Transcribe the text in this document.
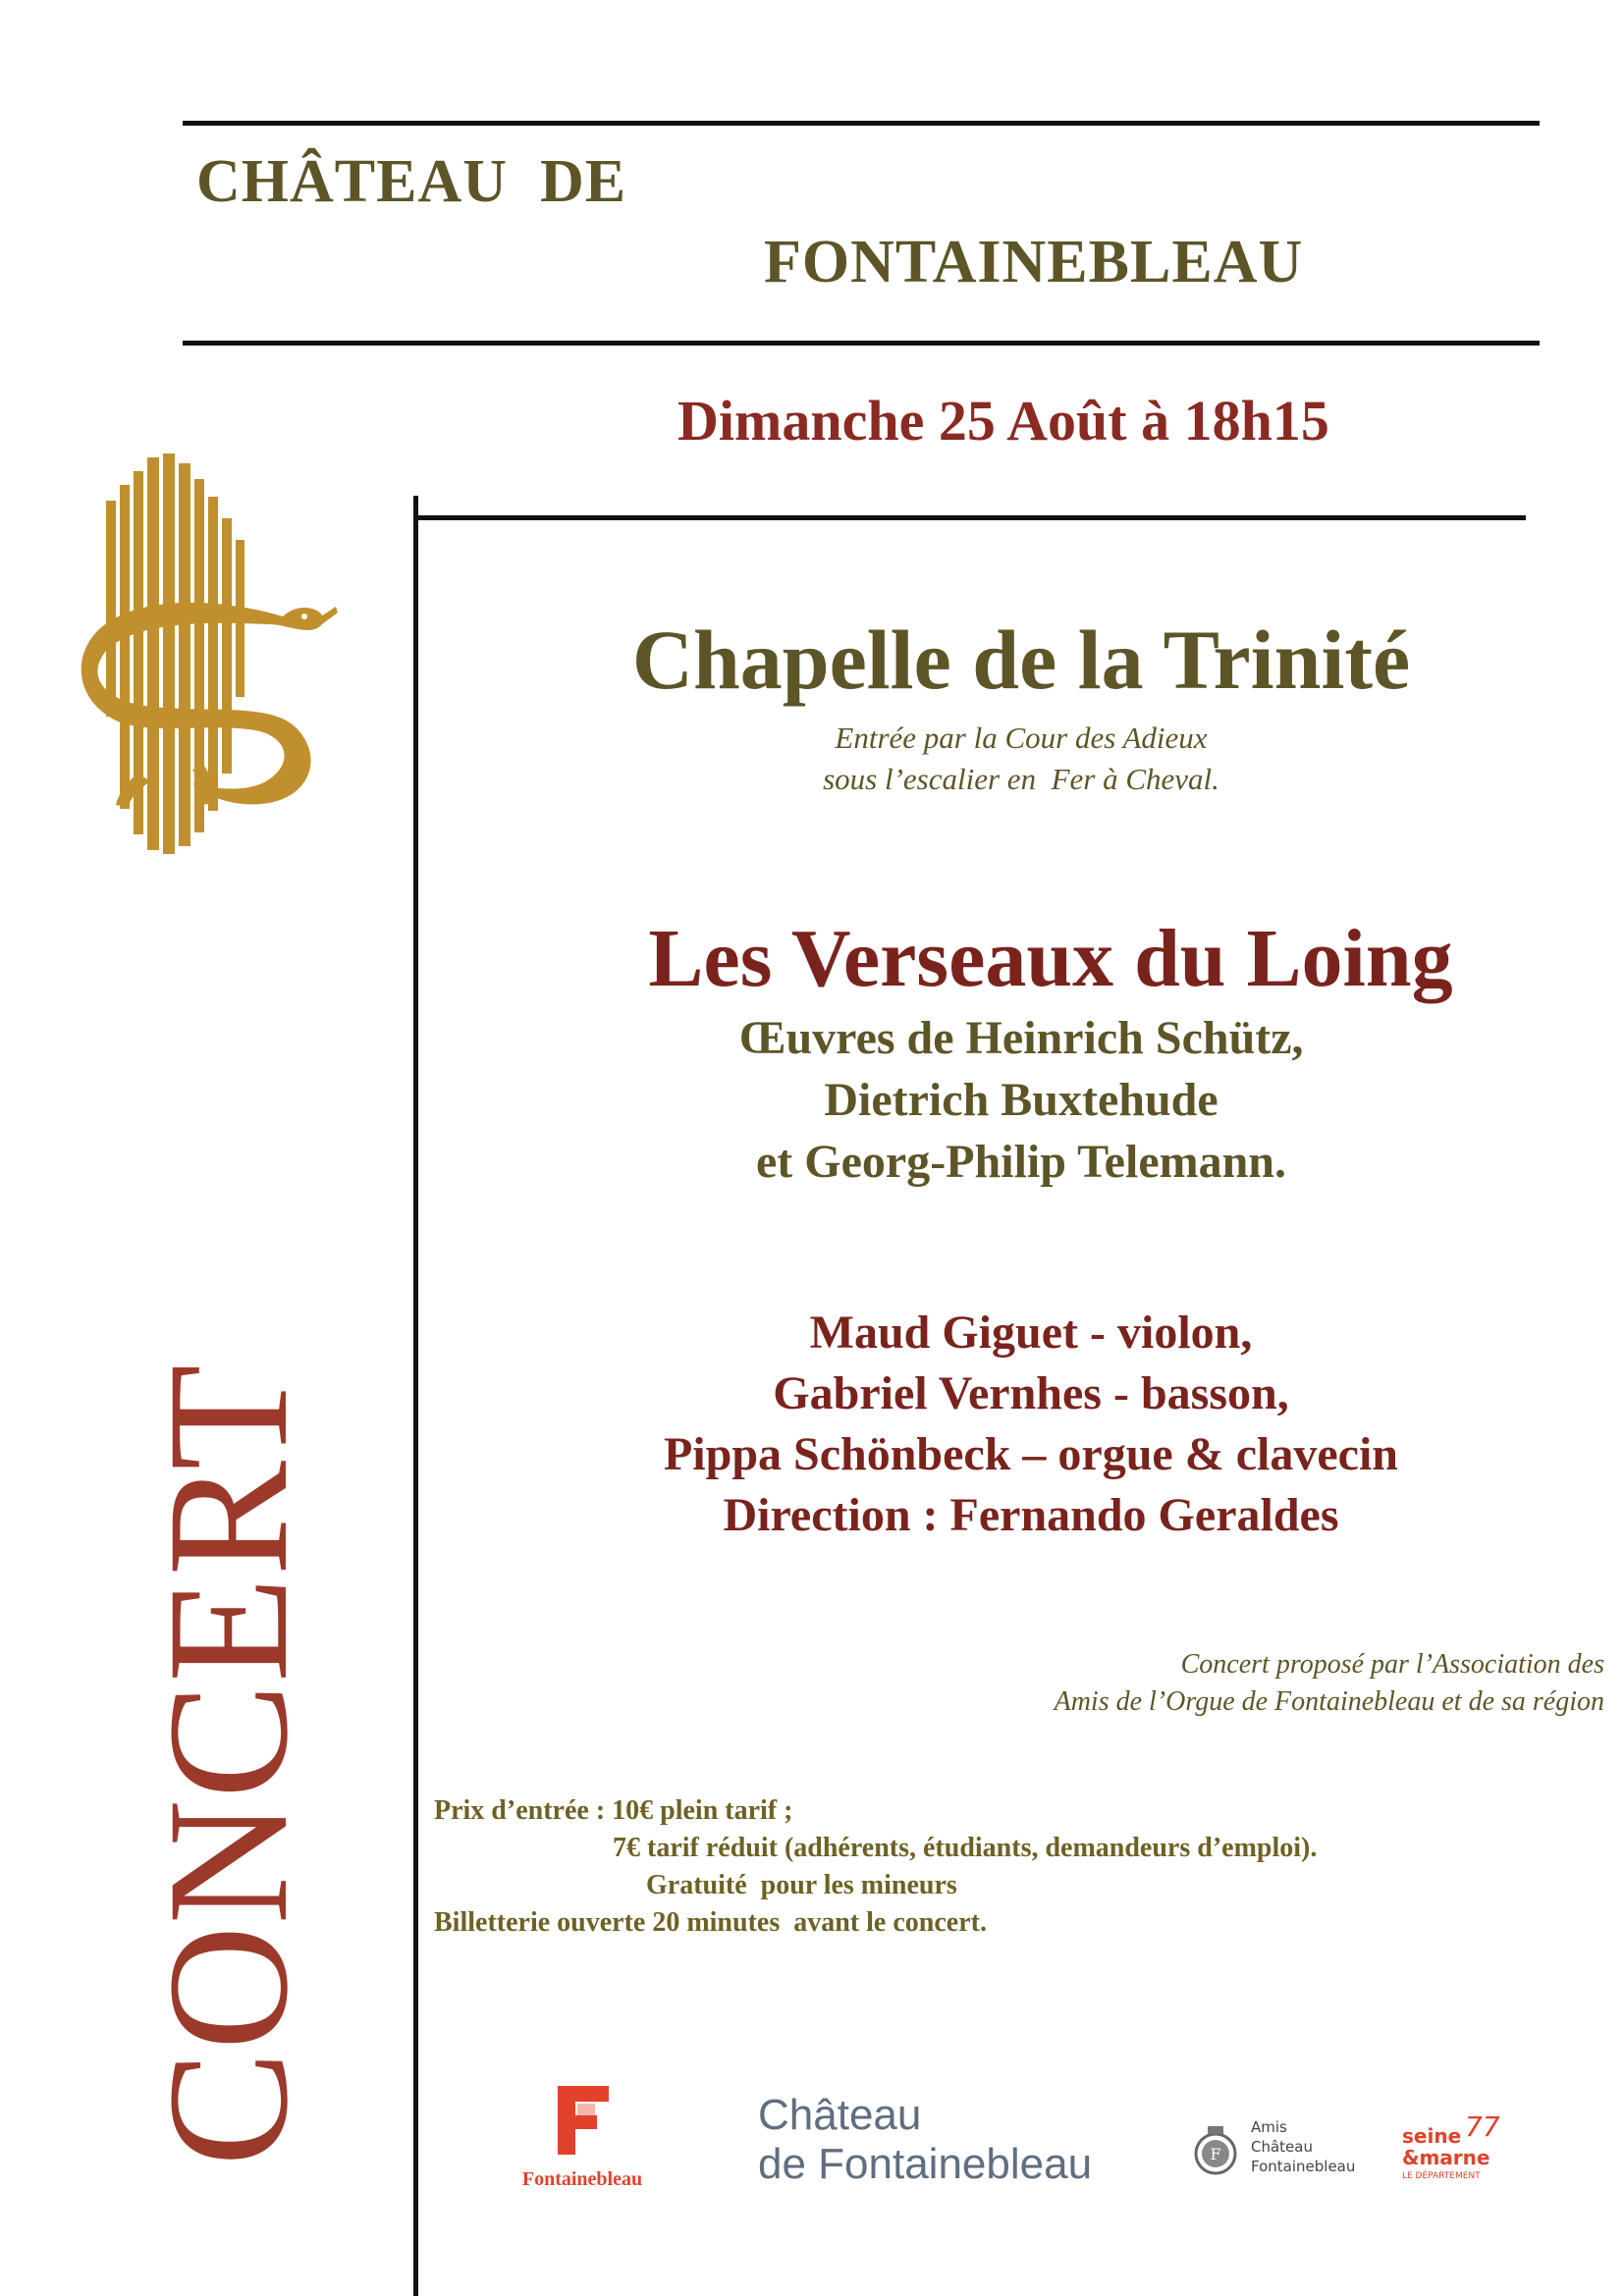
CHÂTEAU  DE
FONTAINEBLEAU
Dimanche 25 Août à 18h15
CONCERT
Chapelle de la Trinité
Entrée par la Cour des Adieux
sous l’escalier en  Fer à Cheval.
Les Verseaux du Loing
Œuvres de Heinrich Schütz,
Dietrich Buxtehude
et Georg-Philip Telemann.
Maud Giguet - violon,
Gabriel Vernhes - basson,
Pippa Schönbeck – orgue & clavecin
Direction : Fernando Geraldes
Concert proposé par l’Association des
Amis de l’Orgue de Fontainebleau et de sa région
Prix d’entrée : 10€ plein tarif ;
7€ tarif réduit (adhérents, étudiants, demandeurs d’emploi).
Gratuité  pour les mineurs
Billetterie ouverte 20 minutes  avant le concert.
Fontainebleau
Château
de Fontainebleau	F
Amis
Château
Fontainebleau
seine 77
&marne
LE DÉPARTEMENT
